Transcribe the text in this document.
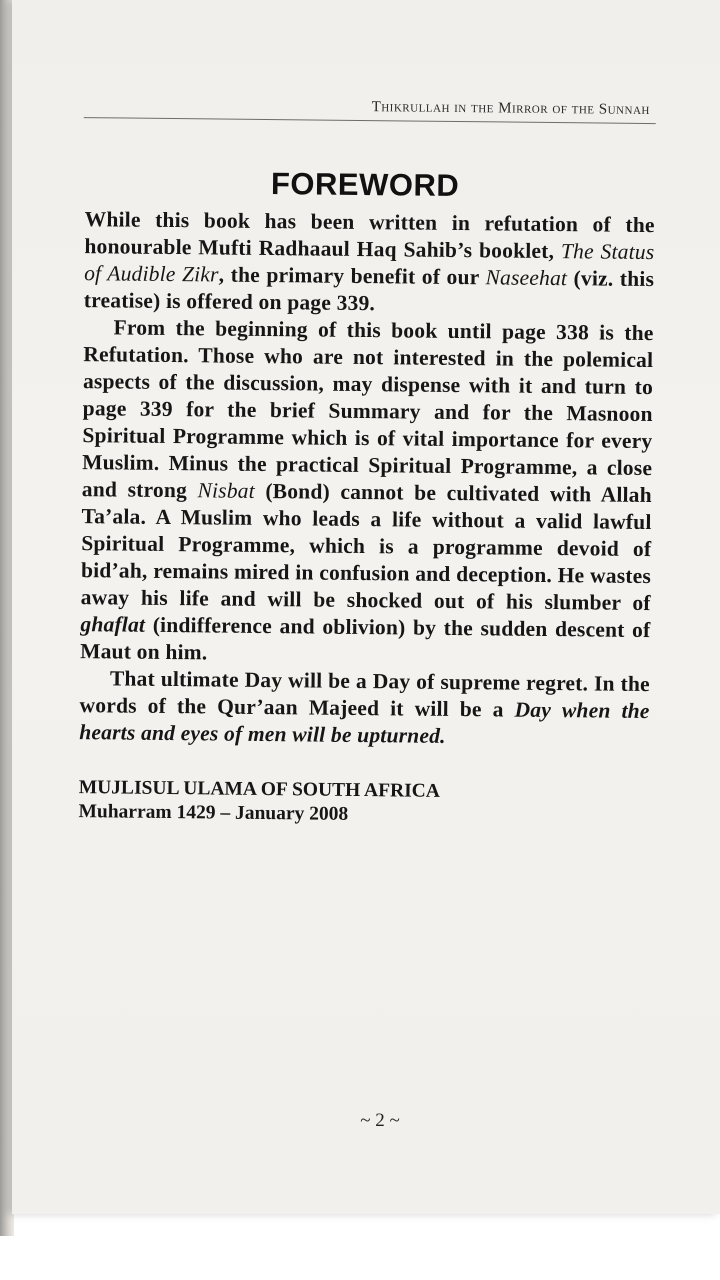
Thikrullah in the Mirror of the Sunnah
FOREWORD

While this book has been written in refutation of the honourable Mufti Radhaaul Haq Sahib’s booklet, The Status of Audible Zikr, the primary benefit of our Naseehat (viz. this treatise) is offered on page 339.

From the beginning of this book until page 338 is the Refutation. Those who are not interested in the polemical aspects of the discussion, may dispense with it and turn to page 339 for the brief Summary and for the Masnoon Spiritual Programme which is of vital importance for every Muslim. Minus the practical Spiritual Programme, a close and strong Nisbat (Bond) cannot be cultivated with Allah Ta’ala. A Muslim who leads a life without a valid lawful Spiritual Programme, which is a programme devoid of bid’ah, remains mired in confusion and deception. He wastes away his life and will be shocked out of his slumber of ghaflat (indifference and oblivion) by the sudden descent of Maut on him.

That ultimate Day will be a Day of supreme regret. In the words of the Qur’aan Majeed it will be a Day when the hearts and eyes of men will be upturned.

MUJLISUL ULAMA OF SOUTH AFRICA
Muharram 1429 – January 2008
~ 2 ~
